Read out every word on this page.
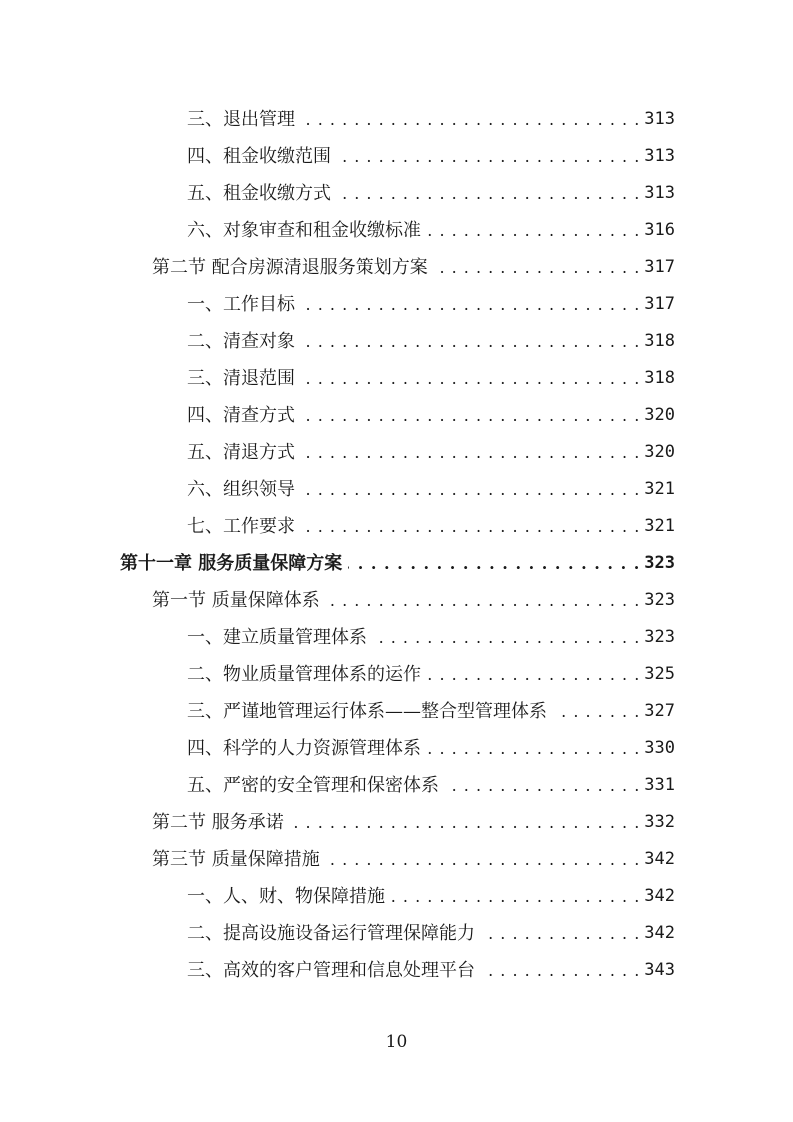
三、退出管理 . . .	313
四、租金收缴范围 . . .	313
五、租金收缴方式 . . .	313
六、对象审查和租金收缴标准 . . .	316
第二节 配合房源清退服务策划方案 . . .	317
一、工作目标 . . .	317
二、清查对象 . . .	318
三、清退范围 . . .	318
四、清查方式 . . .	320
五、清退方式 . . .	320
六、组织领导 . . .	321
七、工作要求 . . .	321
第十一章 服务质量保障方案 . . .	323
第一节 质量保障体系 . . .	323
一、建立质量管理体系 . . .	323
二、物业质量管理体系的运作 . . .	325
三、严谨地管理运行体系——整合型管理体系 . . .	327
四、科学的人力资源管理体系 . . .	330
五、严密的安全管理和保密体系 . . .	331
第二节 服务承诺 . . .	332
第三节 质量保障措施 . . .	342
一、人、财、物保障措施 . . .	342
二、提高设施设备运行管理保障能力 . . .	342
三、高效的客户管理和信息处理平台 . . .	343
10
